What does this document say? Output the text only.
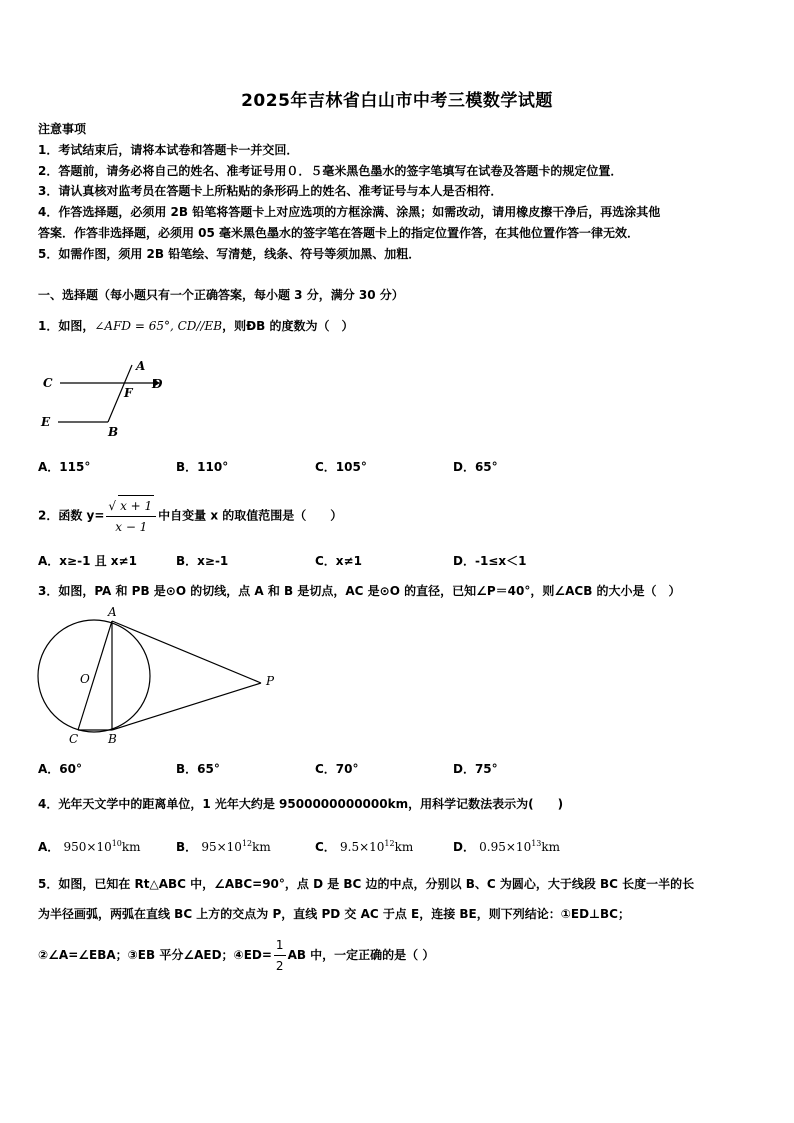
2025年吉林省白山市中考三模数学试题
注意事项
1．考试结束后，请将本试卷和答题卡一并交回．
2．答题前，请务必将自己的姓名、准考证号用０．５毫米黑色墨水的签字笔填写在试卷及答题卡的规定位置．
3．请认真核对监考员在答题卡上所粘贴的条形码上的姓名、准考证号与本人是否相符．
4．作答选择题，必须用 2B 铅笔将答题卡上对应选项的方框涂满、涂黑；如需改动，请用橡皮擦干净后，再选涂其他
答案．作答非选择题，必须用 05 毫米黑色墨水的签字笔在答题卡上的指定位置作答，在其他位置作答一律无效．
5．如需作图，须用 2B 铅笔绘、写清楚，线条、符号等须加黑、加粗．
一、选择题（每小题只有一个正确答案，每小题 3 分，满分 30 分）
1．如图，∠AFD = 65°, CD//EB，则ÐB 的度数为（　）
A
C	D
F
E
B
A．115°	B．110°	C．105°	D．65°
2．函数 $y= \frac{√ x + 1}{x - 1}$ 中自变量 x 的取值范围是（　　）
A．x≥-1 且 x≠1	B．x≥-1	C．x≠1	D．-1≤x＜1
3．如图，PA 和 PB 是⊙O 的切线，点 A 和 B 是切点，AC 是⊙O 的直径，已知∠P＝40°，则∠ACB 的大小是（　）
A
O	P
C B
A．60°	B．65°	C．70°	D．75°
4．光年天文学中的距离单位，1 光年大约是 9500000000000km，用科学记数法表示为(　　)
A． $950\times 10^{10}km$	B． $95\times 10^{12}km$	C． $9.5\times 10^{12}km$	D． $0.95\times 10^{13}km$
5．如图，已知在 Rt△ABC 中，∠ABC=90°，点 D 是 BC 边的中点，分别以 B、C 为圆心，大于线段 BC 长度一半的长
为半径画弧，两弧在直线 BC 上方的交点为 P，直线 PD 交 AC 于点 E，连接 BE，则下列结论：①ED⊥BC；
②∠A=∠EBA；③EB 平分∠AED；④ED= $\frac{1}{2}$ AB 中，一定正确的是（ ）
